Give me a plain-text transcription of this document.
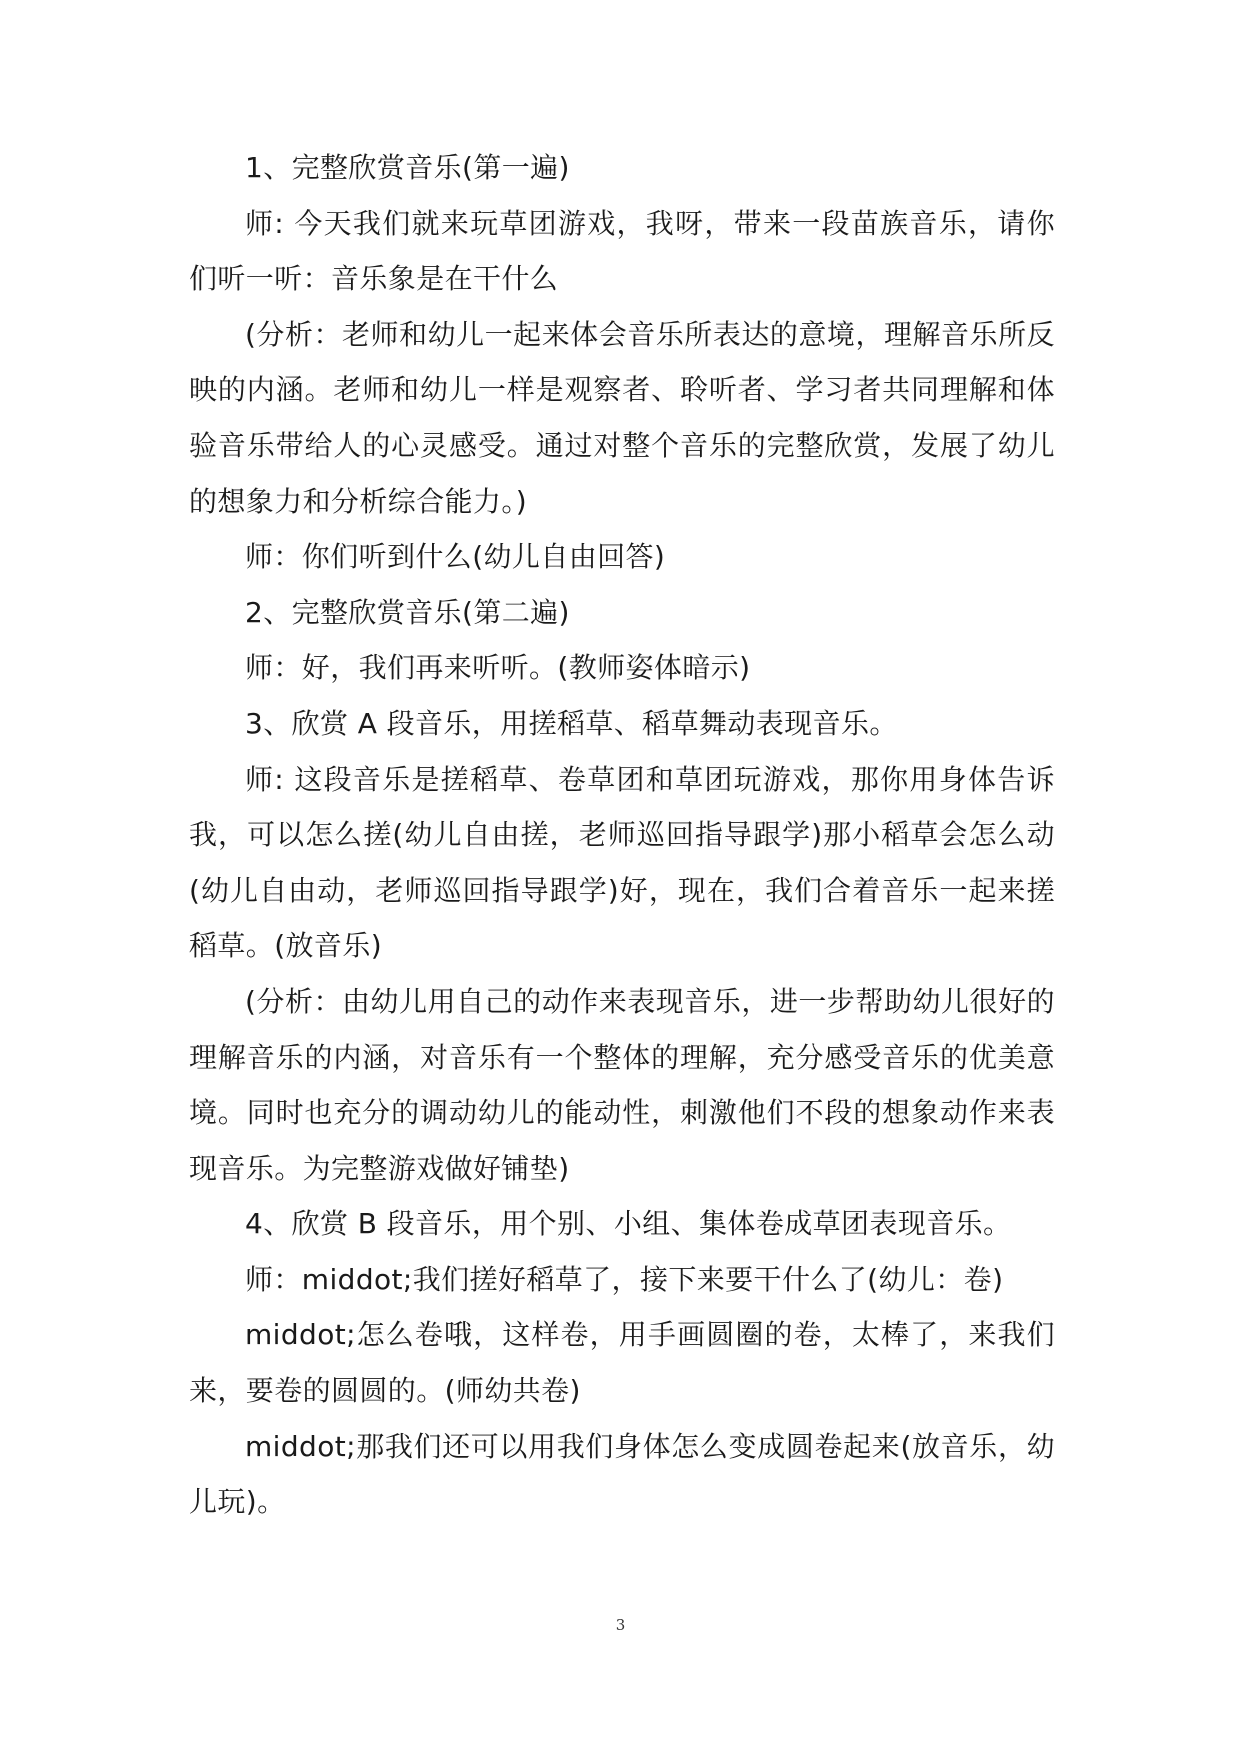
1、完整欣赏音乐(第一遍)

师: 今天我们就来玩草团游戏，我呀，带来一段苗族音乐，请你们听一听：音乐象是在干什么

(分析：老师和幼儿一起来体会音乐所表达的意境，理解音乐所反映的内涵。老师和幼儿一样是观察者、聆听者、学习者共同理解和体验音乐带给人的心灵感受。通过对整个音乐的完整欣赏，发展了幼儿的想象力和分析综合能力。)

师：你们听到什么(幼儿自由回答)

2、完整欣赏音乐(第二遍)

师：好，我们再来听听。(教师姿体暗示)

3、欣赏 A 段音乐，用搓稻草、稻草舞动表现音乐。

师: 这段音乐是搓稻草、卷草团和草团玩游戏，那你用身体告诉我，可以怎么搓(幼儿自由搓，老师巡回指导跟学)那小稻草会怎么动(幼儿自由动，老师巡回指导跟学)好，现在，我们合着音乐一起来搓稻草。(放音乐)

(分析：由幼儿用自己的动作来表现音乐，进一步帮助幼儿很好的理解音乐的内涵，对音乐有一个整体的理解，充分感受音乐的优美意境。同时也充分的调动幼儿的能动性，刺激他们不段的想象动作来表现音乐。为完整游戏做好铺垫)

4、欣赏 B 段音乐，用个别、小组、集体卷成草团表现音乐。

师：middot;我们搓好稻草了，接下来要干什么了(幼儿：卷)

middot;怎么卷哦，这样卷，用手画圆圈的卷，太棒了，来我们来，要卷的圆圆的。(师幼共卷)

middot;那我们还可以用我们身体怎么变成圆卷起来(放音乐，幼儿玩)。

3
